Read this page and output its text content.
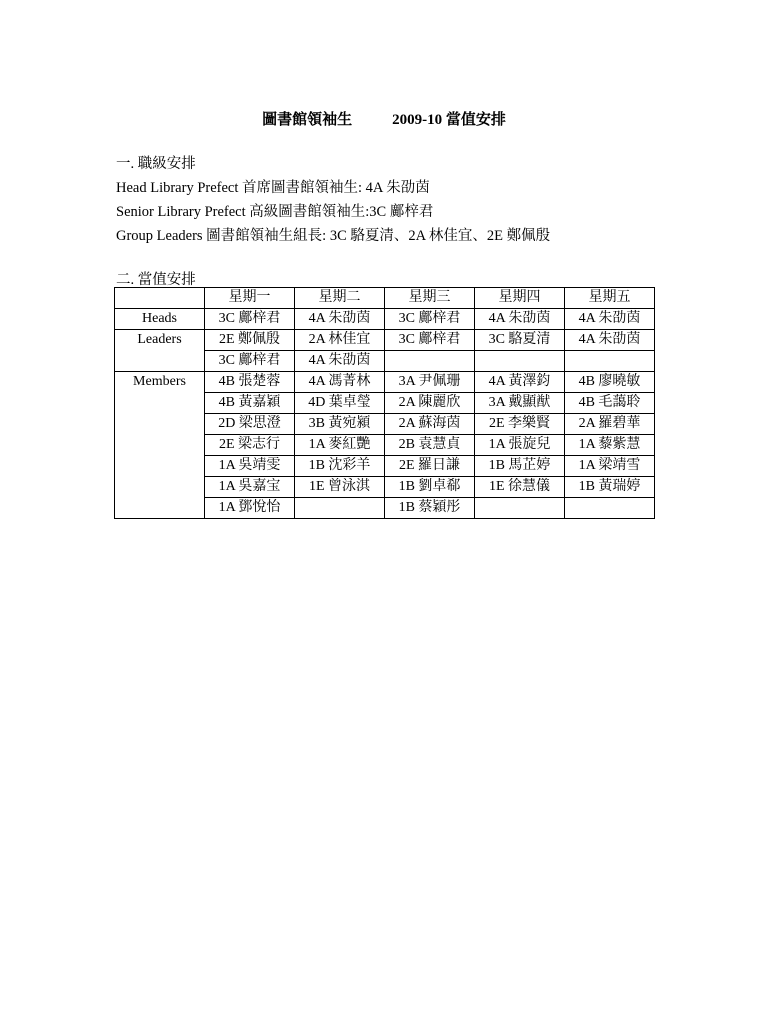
圖書館領袖生	2009-10 當值安排
一. 職級安排
Head Library Prefect 首席圖書館領袖生: 4A 朱劭茵
Senior Library Prefect 高級圖書館領袖生:3C 鄺梓君
Group Leaders 圖書館領袖生組長: 3C 駱夏清、2A 林佳宜、2E 鄭佩殷
二. 當值安排
	星期一	星期二	星期三	星期四	星期五

Heads	3C 鄺梓君	4A 朱劭茵	3C 鄺梓君	4A 朱劭茵	4A 朱劭茵

Leaders	2E 鄭佩殷	2A 林佳宜	3C 鄺梓君	3C 駱夏清	4A 朱劭茵
	3C 鄺梓君	4A 朱劭茵			

Members	4B 張楚蓉	4A 馮菁林	3A 尹佩珊	4A 黃澤鈞	4B 廖曉敏
	4B 黃嘉穎	4D 葉卓瑩	2A 陳麗欣	3A 戴顯猷	4B 毛藹聆
	2D 梁思澄	3B 黃宛潁	2A 蘇海茵	2E 李樂賢	2A 羅碧華
	2E 梁志行	1A 麥紅艷	2B 袁慧貞	1A 張旋兒	1A 藜紫慧
	1A 吳靖雯	1B 沈彩羊	2E 羅日謙	1B 馬芷婷	1A 梁靖雪
	1A 吳嘉宝	1E 曾泳淇	1B 劉卓郗	1E 徐慧儀	1B 黃瑞婷
	1A 鄧悅怡		1B 蔡穎彤		
